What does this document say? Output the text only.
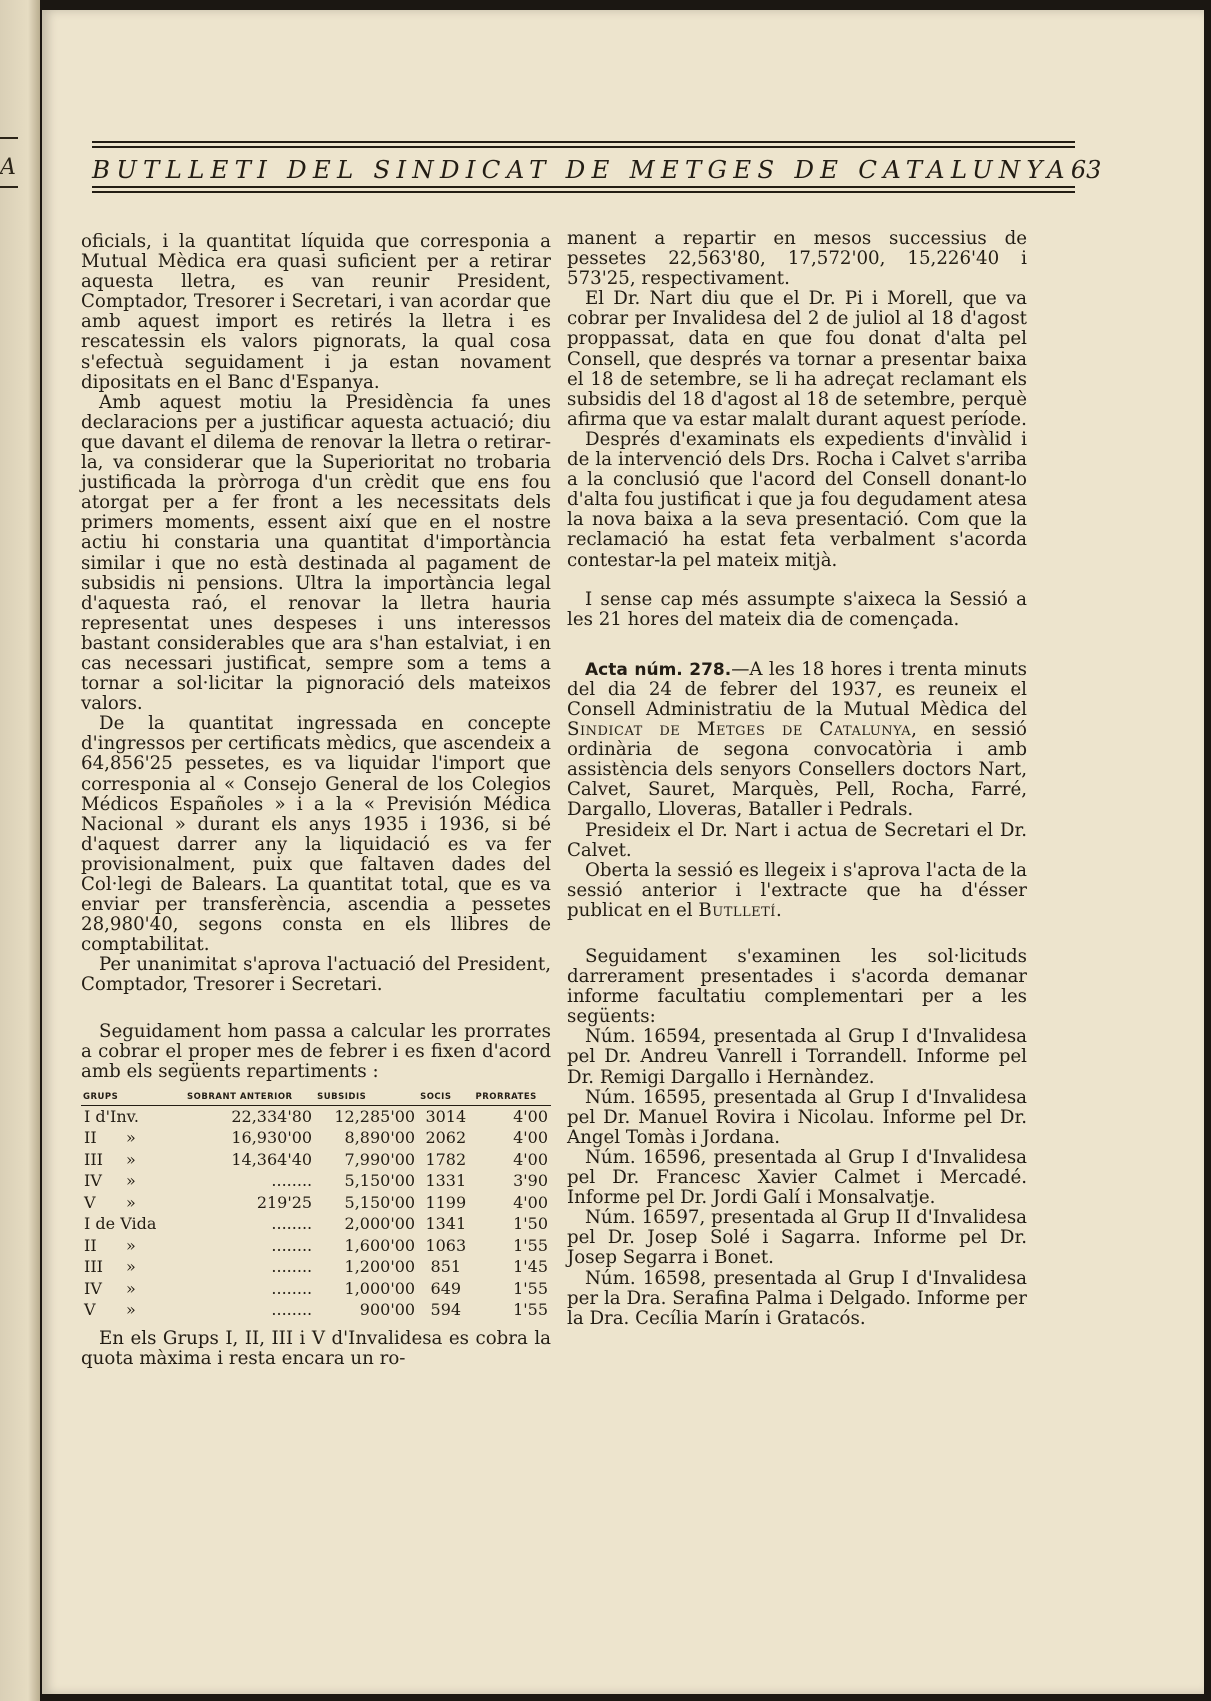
A	BUTLLETI DEL SINDICAT DE METGES DE CATALUNYA 63

oficials, i la quantitat líquida que corresponia a Mutual Mèdica era quasi suficient per a retirar aquesta lletra, es van reunir President, Comptador, Tresorer i Secretari, i van acordar que amb aquest import es retirés la lletra i es rescatessin els valors pignorats, la qual cosa s'efectuà seguidament i ja estan novament dipositats en el Banc d'Espanya.

Amb aquest motiu la Presidència fa unes declaracions per a justificar aquesta actuació; diu que davant el dilema de renovar la lletra o retirar-la, va considerar que la Superioritat no trobaria justificada la pròrroga d'un crèdit que ens fou atorgat per a fer front a les necessitats dels primers moments, essent així que en el nostre actiu hi constaria una quantitat d'importància similar i que no està destinada al pagament de subsidis ni pensions. Ultra la importància legal d'aquesta raó, el renovar la lletra hauria representat unes despeses i uns interessos bastant considerables que ara s'han estalviat, i en cas necessari justificat, sempre som a tems a tornar a sol·licitar la pignoració dels mateixos valors.

De la quantitat ingressada en concepte d'ingressos per certificats mèdics, que ascendeix a 64,856'25 pessetes, es va liquidar l'import que corresponia al « Consejo General de los Colegios Médicos Españoles » i a la « Previsión Médica Nacional » durant els anys 1935 i 1936, si bé d'aquest darrer any la liquidació es va fer provisionalment, puix que faltaven dades del Col·legi de Balears. La quantitat total, que es va enviar per transferència, ascendia a pessetes 28,980'40, segons consta en els llibres de comptabilitat.

Per unanimitat s'aprova l'actuació del President, Comptador, Tresorer i Secretari.

Seguidament hom passa a calcular les prorrates a cobrar el proper mes de febrer i es fixen d'acord amb els següents repartiments :

GRUPS	SOBRANT ANTERIOR	SUBSIDIS	SOCIS	PRORRATES
I d'Inv.	22,334'80	12,285'00	3014	4'00
II »	16,930'00	8,890'00	2062	4'00
III »	14,364'40	7,990'00	1782	4'00
IV »	........	5,150'00	1331	3'90
V »	219'25	5,150'00	1199	4'00
I de Vida	........	2,000'00	1341	1'50
II »	........	1,600'00	1063	1'55
III »	........	1,200'00	851	1'45
IV »	........	1,000'00	649	1'55
V »	........	900'00	594	1'55

En els Grups I, II, III i V d'Invalidesa es cobra la quota màxima i resta encara un ro-

manent a repartir en mesos successius de pessetes 22,563'80, 17,572'00, 15,226'40 i 573'25, respectivament.

El Dr. Nart diu que el Dr. Pi i Morell, que va cobrar per Invalidesa del 2 de juliol al 18 d'agost proppassat, data en que fou donat d'alta pel Consell, que després va tornar a presentar baixa el 18 de setembre, se li ha adreçat reclamant els subsidis del 18 d'agost al 18 de setembre, perquè afirma que va estar malalt durant aquest període.

Després d'examinats els expedients d'invàlid i de la intervenció dels Drs. Rocha i Calvet s'arriba a la conclusió que l'acord del Consell donant-lo d'alta fou justificat i que ja fou degudament atesa la nova baixa a la seva presentació. Com que la reclamació ha estat feta verbalment s'acorda contestar-la pel mateix mitjà.

I sense cap més assumpte s'aixeca la Sessió a les 21 hores del mateix dia de començada.

Acta núm. 278.—A les 18 hores i trenta minuts del dia 24 de febrer del 1937, es reuneix el Consell Administratiu de la Mutual Mèdica del Sindicat de Metges de Catalunya, en sessió ordinària de segona convocatòria i amb assistència dels senyors Consellers doctors Nart, Calvet, Sauret, Marquès, Pell, Rocha, Farré, Dargallo, Lloveras, Bataller i Pedrals.

Presideix el Dr. Nart i actua de Secretari el Dr. Calvet.

Oberta la sessió es llegeix i s'aprova l'acta de la sessió anterior i l'extracte que ha d'ésser publicat en el Butlletí.

Seguidament s'examinen les sol·licituds darrerament presentades i s'acorda demanar informe facultatiu complementari per a les següents:

Núm. 16594, presentada al Grup I d'Invalidesa pel Dr. Andreu Vanrell i Torrandell. Informe pel Dr. Remigi Dargallo i Hernàndez.

Núm. 16595, presentada al Grup I d'Invalidesa pel Dr. Manuel Rovira i Nicolau. Informe pel Dr. Angel Tomàs i Jordana.

Núm. 16596, presentada al Grup I d'Invalidesa pel Dr. Francesc Xavier Calmet i Mercadé. Informe pel Dr. Jordi Galí i Monsalvatje.

Núm. 16597, presentada al Grup II d'Invalidesa pel Dr. Josep Solé i Sagarra. Informe pel Dr. Josep Segarra i Bonet.

Núm. 16598, presentada al Grup I d'Invalidesa per la Dra. Serafina Palma i Delgado. Informe per la Dra. Cecília Marín i Gratacós.
